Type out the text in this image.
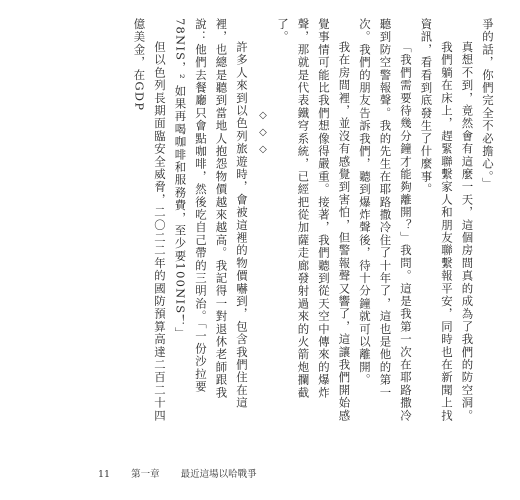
爭的話，你們完全不必擔心。」

真想不到，竟然會有這麼一天，這個房間真的成為了我們的防空洞。

我們躺在床上，趕緊聯繫家人和朋友聯繫報平安，同時也在新聞上找資訊，看看到底發生了什麼事。

「我們需要待幾分鐘才能夠離開？」我問。這是我第一次在耶路撒冷聽到防空警報聲。我的先生在耶路撒冷住了十年了，這也是他的第一次。我們的朋友告訴我們，聽到爆炸聲後，待十分鐘就可以離開。

我在房間裡，並沒有感覺到害怕，但警報聲又響了，這讓我們開始感覺事情可能比我們想像得嚴重。接著，我們聽到從天空中傳來的爆炸聲，那就是代表鐵穹系統，已經把從加薩走廊發射過來的火箭炮攔截了。

◇◇◇

許多人來到以色列旅遊時，會被這裡的物價嚇到，包含我們住在這裡，也總是聽到當地人抱怨物價越來越高。我記得一對退休老師跟我說：他們去餐廳只會點咖啡，然後吃自己帶的三明治。「一份沙拉要78NIS，² 如果再喝咖啡和服務費，至少要100NIS！」

但以色列長期面臨安全威脅，二〇二二年的國防預算高達二百二十四億美金，在GDP

11 第一章 最近這場以哈戰爭
